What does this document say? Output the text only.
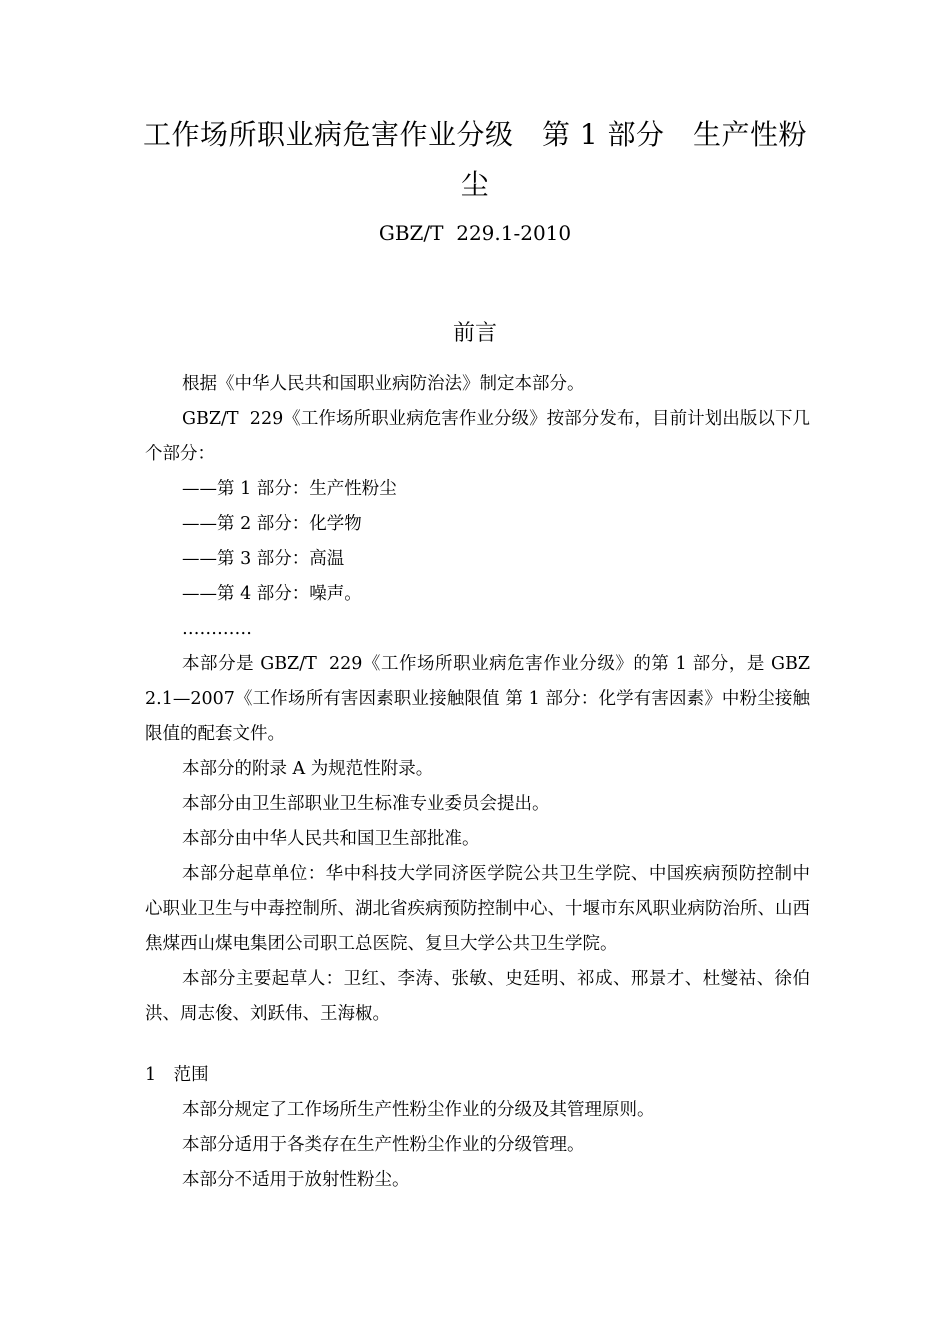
工作场所职业病危害作业分级　第 1 部分　生产性粉尘
GBZ/T  229.1-2010
前言

根据《中华人民共和国职业病防治法》制定本部分。

GBZ/T  229《工作场所职业病危害作业分级》按部分发布，目前计划出版以下几个部分：

——第 1 部分：生产性粉尘

——第 2 部分：化学物

——第 3 部分：高温

——第 4 部分：噪声。

…………

本部分是 GBZ/T  229《工作场所职业病危害作业分级》的第 1 部分，是 GBZ  2.1—2007《工作场所有害因素职业接触限值 第 1 部分：化学有害因素》中粉尘接触限值的配套文件。

本部分的附录 A 为规范性附录。

本部分由卫生部职业卫生标准专业委员会提出。

本部分由中华人民共和国卫生部批准。

本部分起草单位：华中科技大学同济医学院公共卫生学院、中国疾病预防控制中心职业卫生与中毒控制所、湖北省疾病预防控制中心、十堰市东风职业病防治所、山西焦煤西山煤电集团公司职工总医院、复旦大学公共卫生学院。

本部分主要起草人：卫红、李涛、张敏、史廷明、祁成、邢景才、杜燮祜、徐伯洪、周志俊、刘跃伟、王海椒。

1　范围

本部分规定了工作场所生产性粉尘作业的分级及其管理原则。

本部分适用于各类存在生产性粉尘作业的分级管理。

本部分不适用于放射性粉尘。
